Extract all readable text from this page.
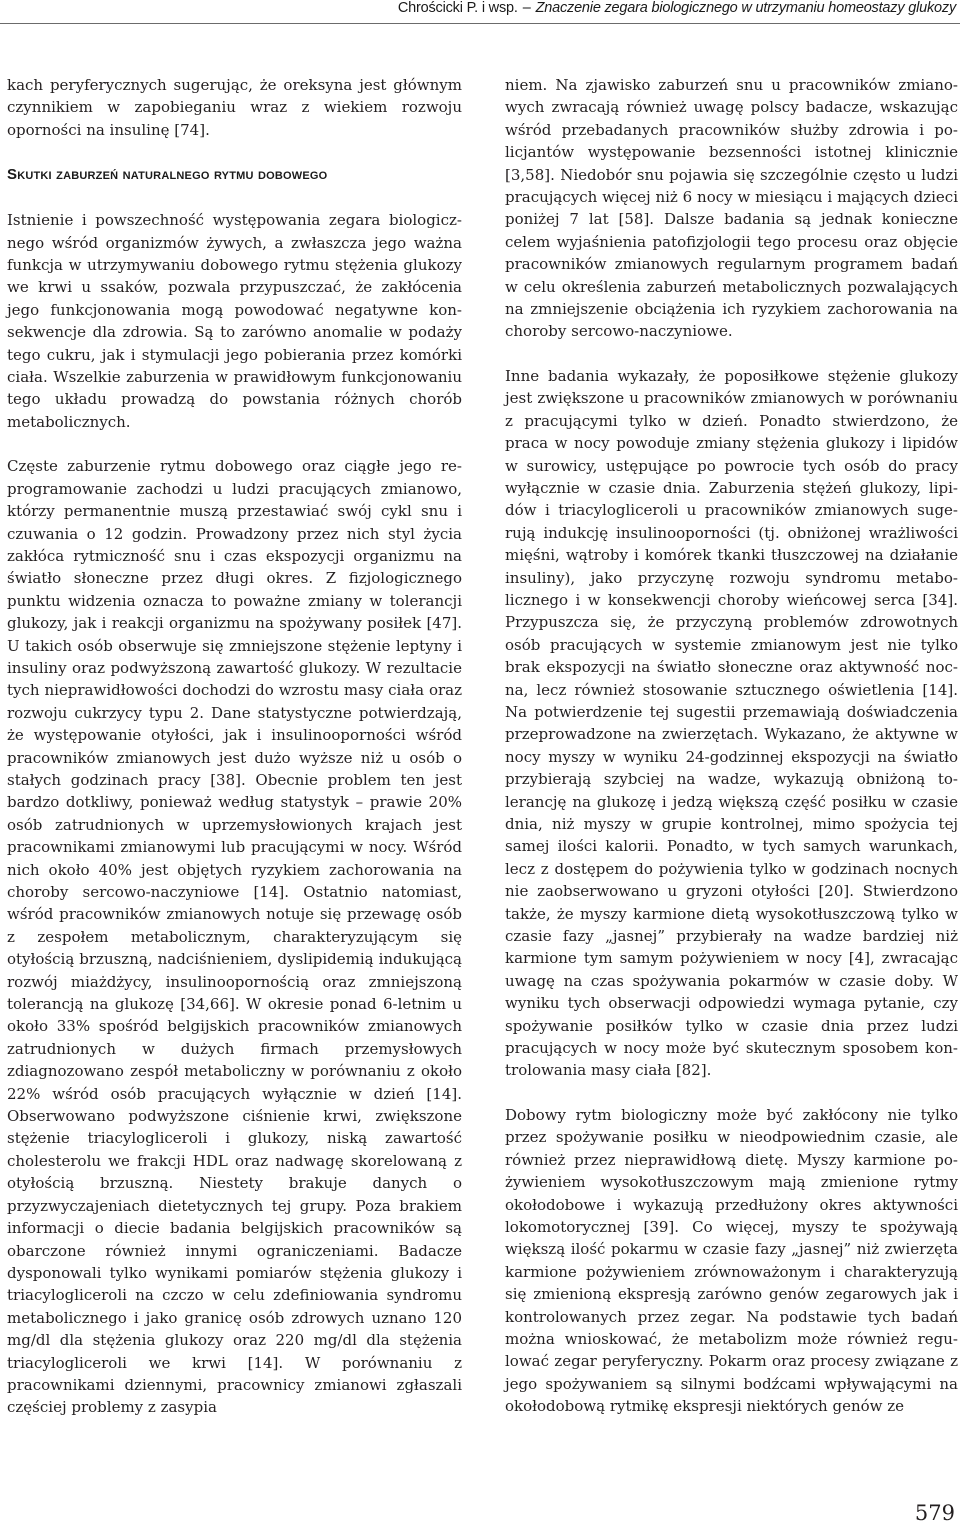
Chrościcki P. i wsp. – Znaczenie zegara biologicznego w utrzymaniu homeostazy glukozy

kach peryferycznych sugerując, że oreksyna jest głównym czynnikiem w zapobieganiu wraz z wiekiem rozwoju oporności na insulinę [74].

Skutki zaburzeń naturalnego rytmu dobowego

Istnienie i powszechność występowania zegara biologicznego wśród organizmów żywych, a zwłaszcza jego ważna funkcja w utrzymywaniu dobowego rytmu stężenia glukozy we krwi u ssaków, pozwala przypuszczać, że zakłócenia jego funkcjonowania mogą powodować negatywne konsekwencje dla zdrowia. Są to zarówno anomalie w podaży tego cukru, jak i stymulacji jego pobierania przez komórki ciała. Wszelkie zaburzenia w prawidłowym funkcjonowaniu tego układu prowadzą do powstania różnych chorób metabolicznych.

Częste zaburzenie rytmu dobowego oraz ciągłe jego reprogramowanie zachodzi u ludzi pracujących zmianowo, którzy permanentnie muszą przestawiać swój cykl snu i czuwania o 12 godzin. Prowadzony przez nich styl życia zakłóca rytmiczność snu i czas ekspozycji organizmu na światło słoneczne przez długi okres. Z fizjologicznego punktu widzenia oznacza to poważne zmiany w tolerancji glukozy, jak i reakcji organizmu na spożywany posiłek [47]. U takich osób obserwuje się zmniejszone stężenie leptyny i insuliny oraz podwyższoną zawartość glukozy. W rezultacie tych nieprawidłowości dochodzi do wzrostu masy ciała oraz rozwoju cukrzycy typu 2. Dane statystyczne potwierdzają, że występowanie otyłości, jak i insulinooporności wśród pracowników zmianowych jest dużo wyższe niż u osób o stałych godzinach pracy [38]. Obecnie problem ten jest bardzo dotkliwy, ponieważ według statystyk – prawie 20% osób zatrudnionych w uprzemysłowionych krajach jest pracownikami zmianowymi lub pracującymi w nocy. Wśród nich około 40% jest objętych ryzykiem zachorowania na choroby sercowo-naczyniowe [14]. Ostatnio natomiast, wśród pracowników zmianowych notuje się przewagę osób z zespołem metabolicznym, charakteryzującym się otyłością brzuszną, nadciśnieniem, dyslipidemią indukującą rozwój miażdżycy, insulinoopornością oraz zmniejszoną tolerancją na glukozę [34,66]. W okresie ponad 6-letnim u około 33% spośród belgijskich pracowników zmianowych zatrudnionych w dużych firmach przemysłowych zdiagnozowano zespół metaboliczny w porównaniu z około 22% wśród osób pracujących wyłącznie w dzień [14]. Obserwowano podwyższone ciśnienie krwi, zwiększone stężenie triacylogliceroli i glukozy, niską zawartość cholesterolu we frakcji HDL oraz nadwagę skorelowaną z otyłością brzuszną. Niestety brakuje danych o przyzwyczajeniach dietetycznych tej grupy. Poza brakiem informacji o diecie badania belgijskich pracowników są obarczone również innymi ograniczeniami. Badacze dysponowali tylko wynikami pomiarów stężenia glukozy i triacylogliceroli na czczo w celu zdefiniowania syndromu metabolicznego i jako granicę osób zdrowych uznano 120 mg/dl dla stężenia glukozy oraz 220 mg/dl dla stężenia triacylogliceroli we krwi [14]. W porównaniu z pracownikami dziennymi, pracownicy zmianowi zgłaszali częściej problemy z zasypia

niem. Na zjawisko zaburzeń snu u pracowników zmianowych zwracają również uwagę polscy badacze, wskazując wśród przebadanych pracowników służby zdrowia i policjantów występowanie bezsenności istotnej klinicznie [3,58]. Niedobór snu pojawia się szczególnie często u ludzi pracujących więcej niż 6 nocy w miesiącu i mających dzieci poniżej 7 lat [58]. Dalsze badania są jednak konieczne celem wyjaśnienia patofizjologii tego procesu oraz objęcie pracowników zmianowych regularnym programem badań w celu określenia zaburzeń metabolicznych pozwalających na zmniejszenie obciążenia ich ryzykiem zachorowania na choroby sercowo-naczyniowe.

Inne badania wykazały, że poposiłkowe stężenie glukozy jest zwiększone u pracowników zmianowych w porównaniu z pracującymi tylko w dzień. Ponadto stwierdzono, że praca w nocy powoduje zmiany stężenia glukozy i lipidów w surowicy, ustępujące po powrocie tych osób do pracy wyłącznie w czasie dnia. Zaburzenia stężeń glukozy, lipidów i triacylogliceroli u pracowników zmianowych sugerują indukcję insulinooporności (tj. obniżonej wrażliwości mięśni, wątroby i komórek tkanki tłuszczowej na działanie insuliny), jako przyczynę rozwoju syndromu metabolicznego i w konsekwencji choroby wieńcowej serca [34]. Przypuszcza się, że przyczyną problemów zdrowotnych osób pracujących w systemie zmianowym jest nie tylko brak ekspozycji na światło słoneczne oraz aktywność nocna, lecz również stosowanie sztucznego oświetlenia [14]. Na potwierdzenie tej sugestii przemawiają doświadczenia przeprowadzone na zwierzętach. Wykazano, że aktywne w nocy myszy w wyniku 24-godzinnej ekspozycji na światło przybierają szybciej na wadze, wykazują obniżoną tolerancję na glukozę i jedzą większą część posiłku w czasie dnia, niż myszy w grupie kontrolnej, mimo spożycia tej samej ilości kalorii. Ponadto, w tych samych warunkach, lecz z dostępem do pożywienia tylko w godzinach nocnych nie zaobserwowano u gryzoni otyłości [20]. Stwierdzono także, że myszy karmione dietą wysokotłuszczową tylko w czasie fazy „jasnej” przybierały na wadze bardziej niż karmione tym samym pożywieniem w nocy [4], zwracając uwagę na czas spożywania pokarmów w czasie doby. W wyniku tych obserwacji odpowiedzi wymaga pytanie, czy spożywanie posiłków tylko w czasie dnia przez ludzi pracujących w nocy może być skutecznym sposobem kontrolowania masy ciała [82].

Dobowy rytm biologiczny może być zakłócony nie tylko przez spożywanie posiłku w nieodpowiednim czasie, ale również przez nieprawidłową dietę. Myszy karmione pożywieniem wysokotłuszczowym mają zmienione rytmy okołodobowe i wykazują przedłużony okres aktywności lokomotorycznej [39]. Co więcej, myszy te spożywają większą ilość pokarmu w czasie fazy „jasnej” niż zwierzęta karmione pożywieniem zrównoważonym i charakteryzują się zmienioną ekspresją zarówno genów zegarowych jak i kontrolowanych przez zegar. Na podstawie tych badań można wnioskować, że metabolizm może również regulować zegar peryferyczny. Pokarm oraz procesy związane z jego spożywaniem są silnymi bodźcami wpływającymi na okołodobową rytmikę ekspresji niektórych genów ze

579
